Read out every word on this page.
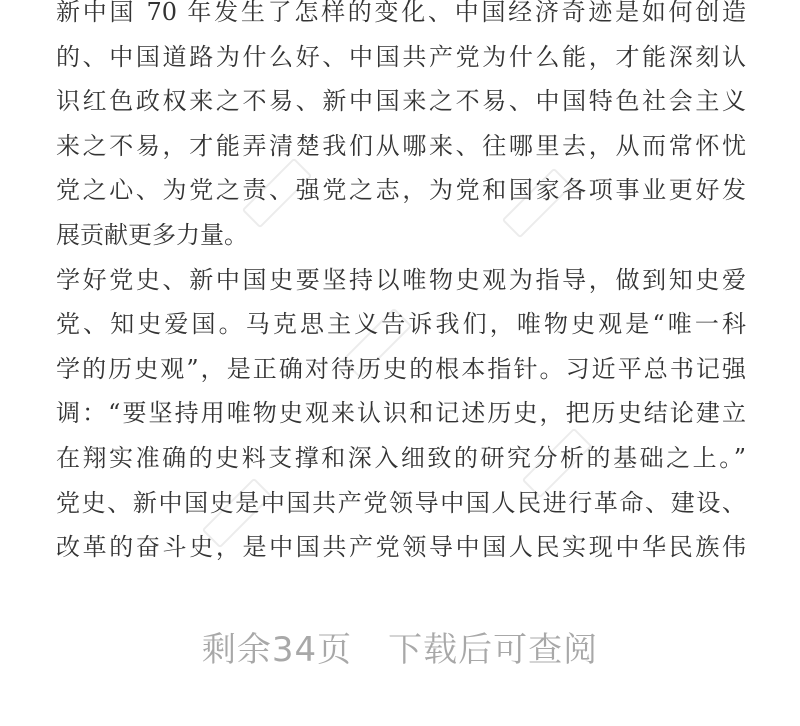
新中国 70 年发生了怎样的变化、中国经济奇迹是如何创造
的、中国道路为什么好、中国共产党为什么能，才能深刻认
识红色政权来之不易、新中国来之不易、中国特色社会主义
来之不易，才能弄清楚我们从哪来、往哪里去，从而常怀忧
党之心、为党之责、强党之志，为党和国家各项事业更好发
展贡献更多力量。
学好党史、新中国史要坚持以唯物史观为指导，做到知史爱
党、知史爱国。马克思主义告诉我们，唯物史观是“唯一科
学的历史观”，是正确对待历史的根本指针。习近平总书记强
调：“要坚持用唯物史观来认识和记述历史，把历史结论建立
在翔实准确的史料支撑和深入细致的研究分析的基础之上。”
党史、新中国史是中国共产党领导中国人民进行革命、建设、
改革的奋斗史，是中国共产党领导中国人民实现中华民族伟
剩余34页 下载后可查阅
